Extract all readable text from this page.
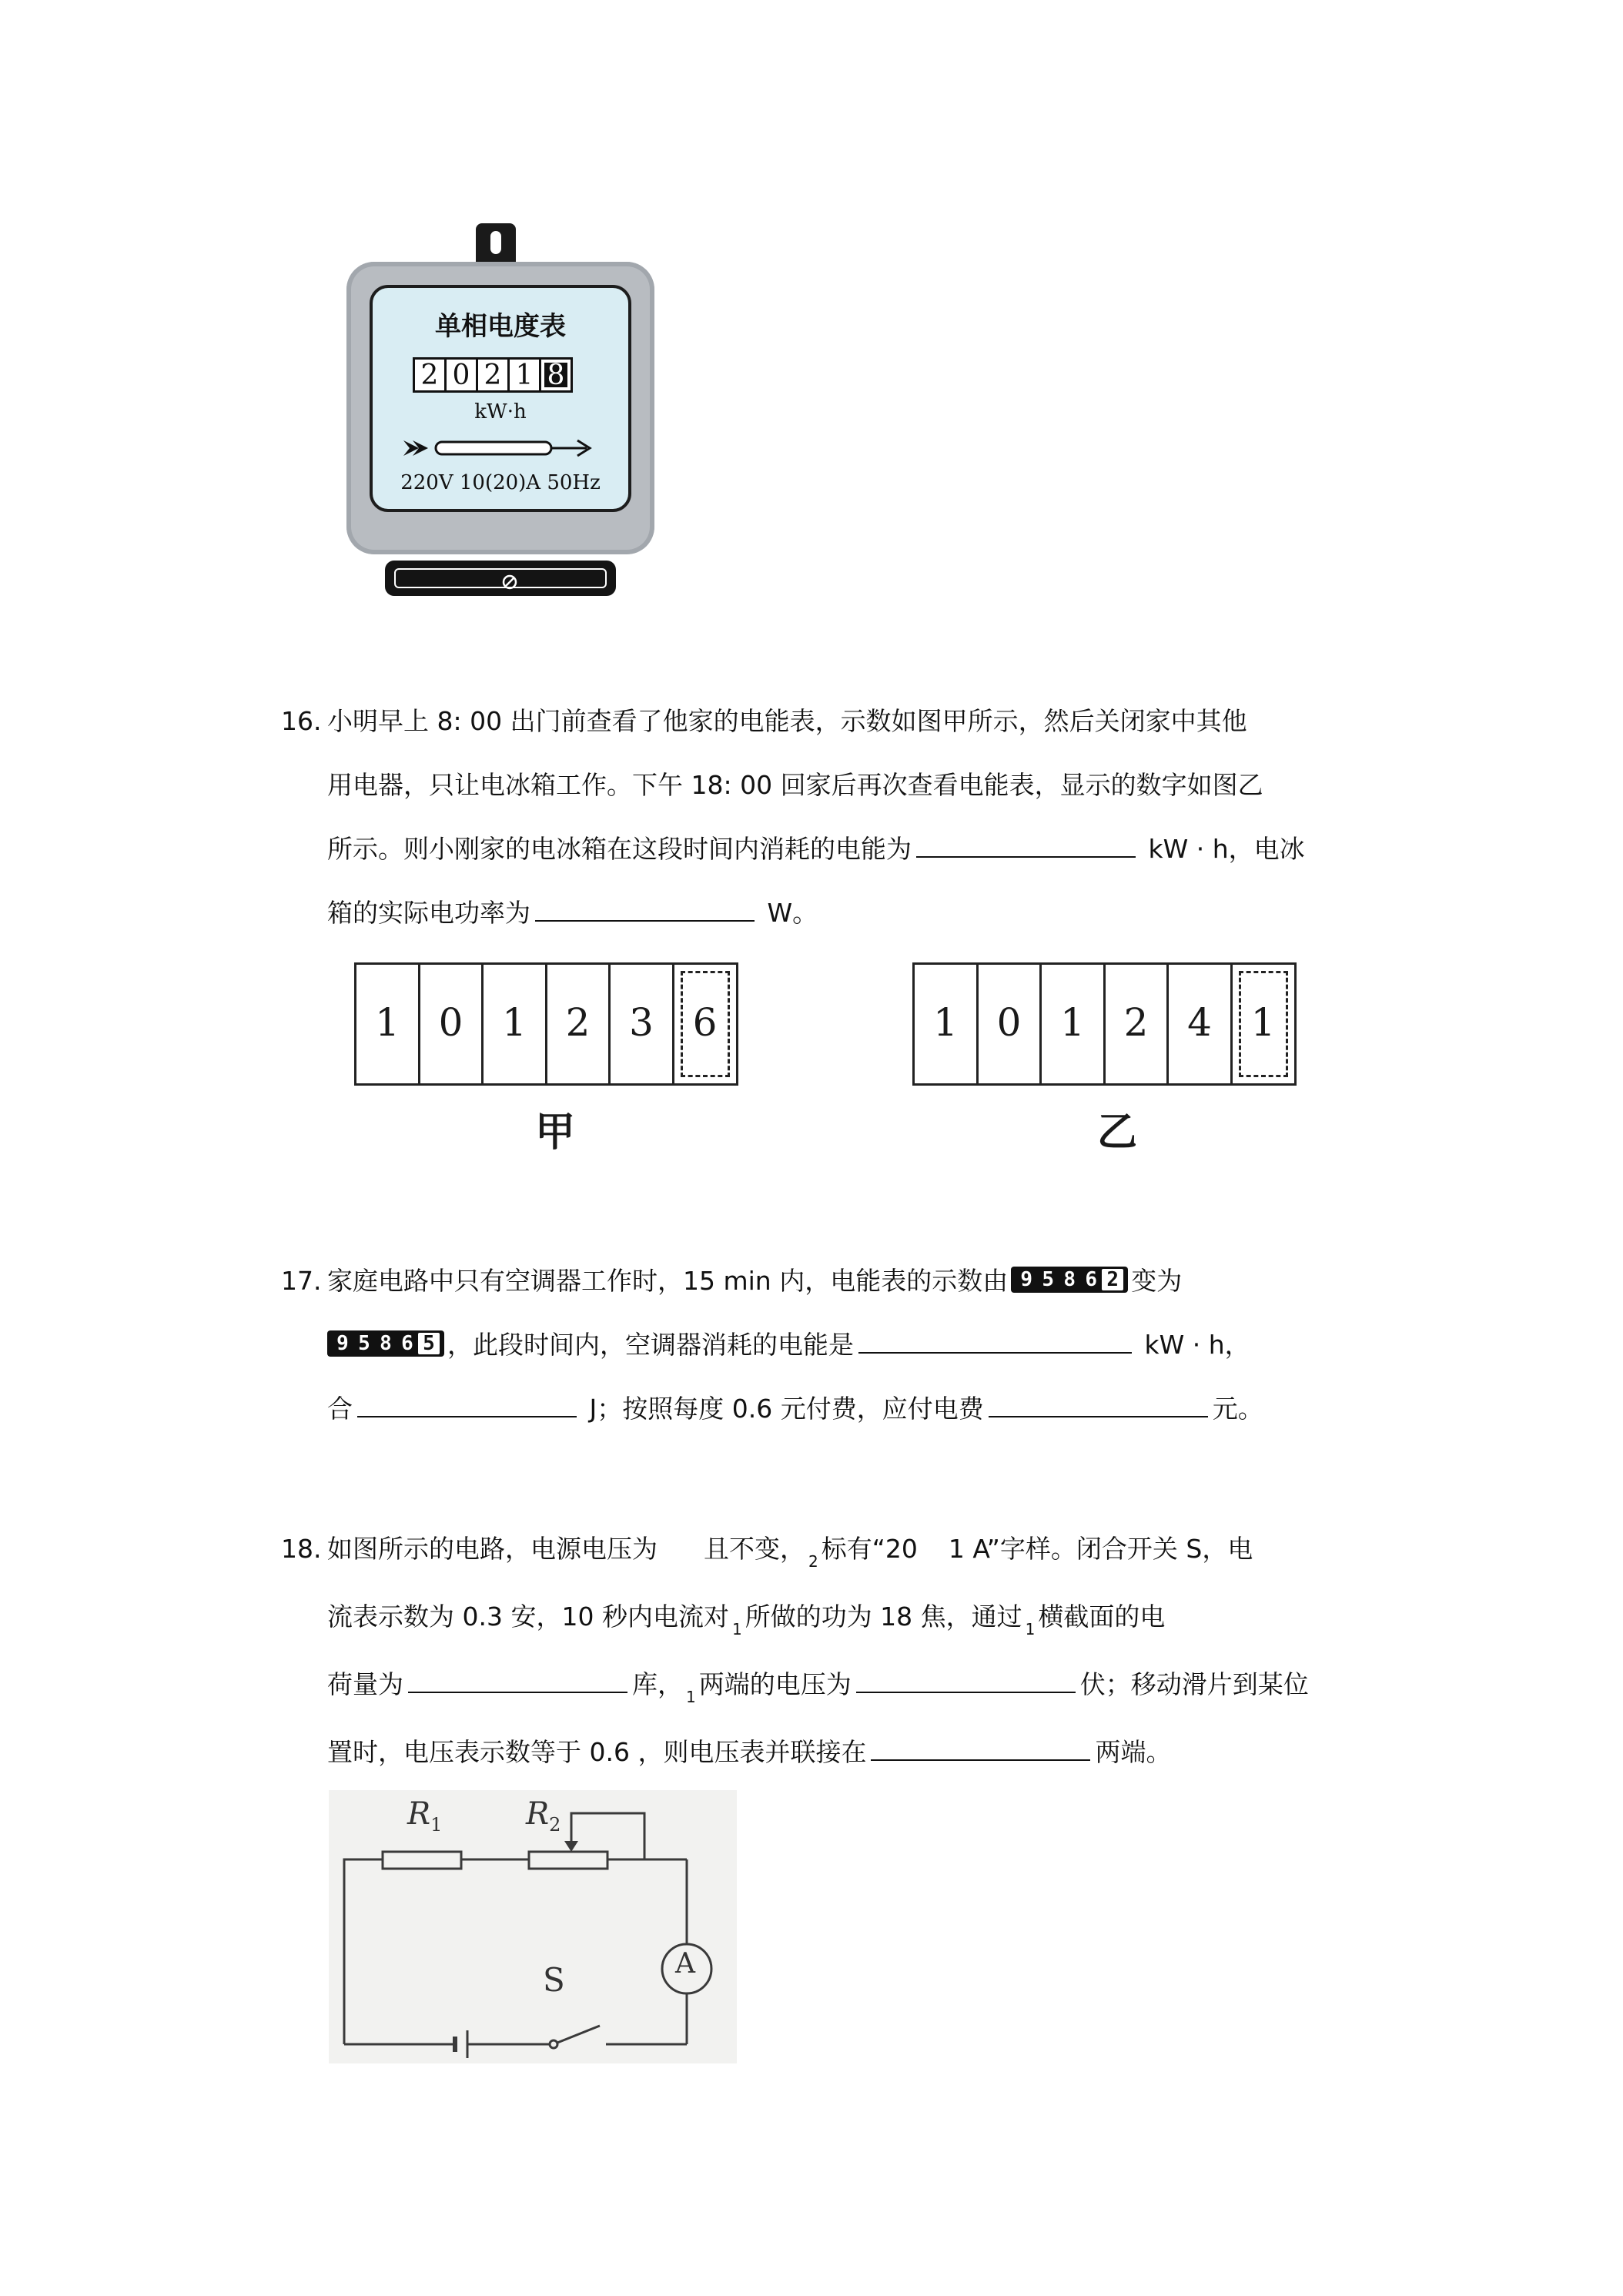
单相电度表
2 0 2 1 8
kW·h
220V 10(20)A 50Hz
16. 小明早上 8: 00 出门前查看了他家的电能表，示数如图甲所示，然后关闭家中其他
用电器，只让电冰箱工作。下午 18: 00 回家后再次查看电能表，显示的数字如图乙
所示。则小刚家的电冰箱在这段时间内消耗的电能为	kW · h，电冰
箱的实际电功率为	W。
1	0	1	2	3	6
甲
1	0	1	2	4	1
乙
17. 家庭电路中只有空调器工作时，15 min 内，电能表的示数由 9 5 8 6 2 变为
9 5 8 6 5 ，此段时间内，空调器消耗的电能是	kW · h，
合	J；按照每度 0.6 元付费，应付电费	元。
18. 如图所示的电路，电源电压为 且不变， $_2$ 标有“20 1 A”字样。闭合开关 S，电
流表示数为 0.3 安，10 秒内电流对 $_1$ 所做的功为 18 焦，通过 $_1$ 横截面的电
荷量为	库， $_1$ 两端的电压为	伏；移动滑片到某位
置时，电压表示数等于 0.6 ，则电压表并联接在	两端。
$R_1$	$R_2$
S	A
